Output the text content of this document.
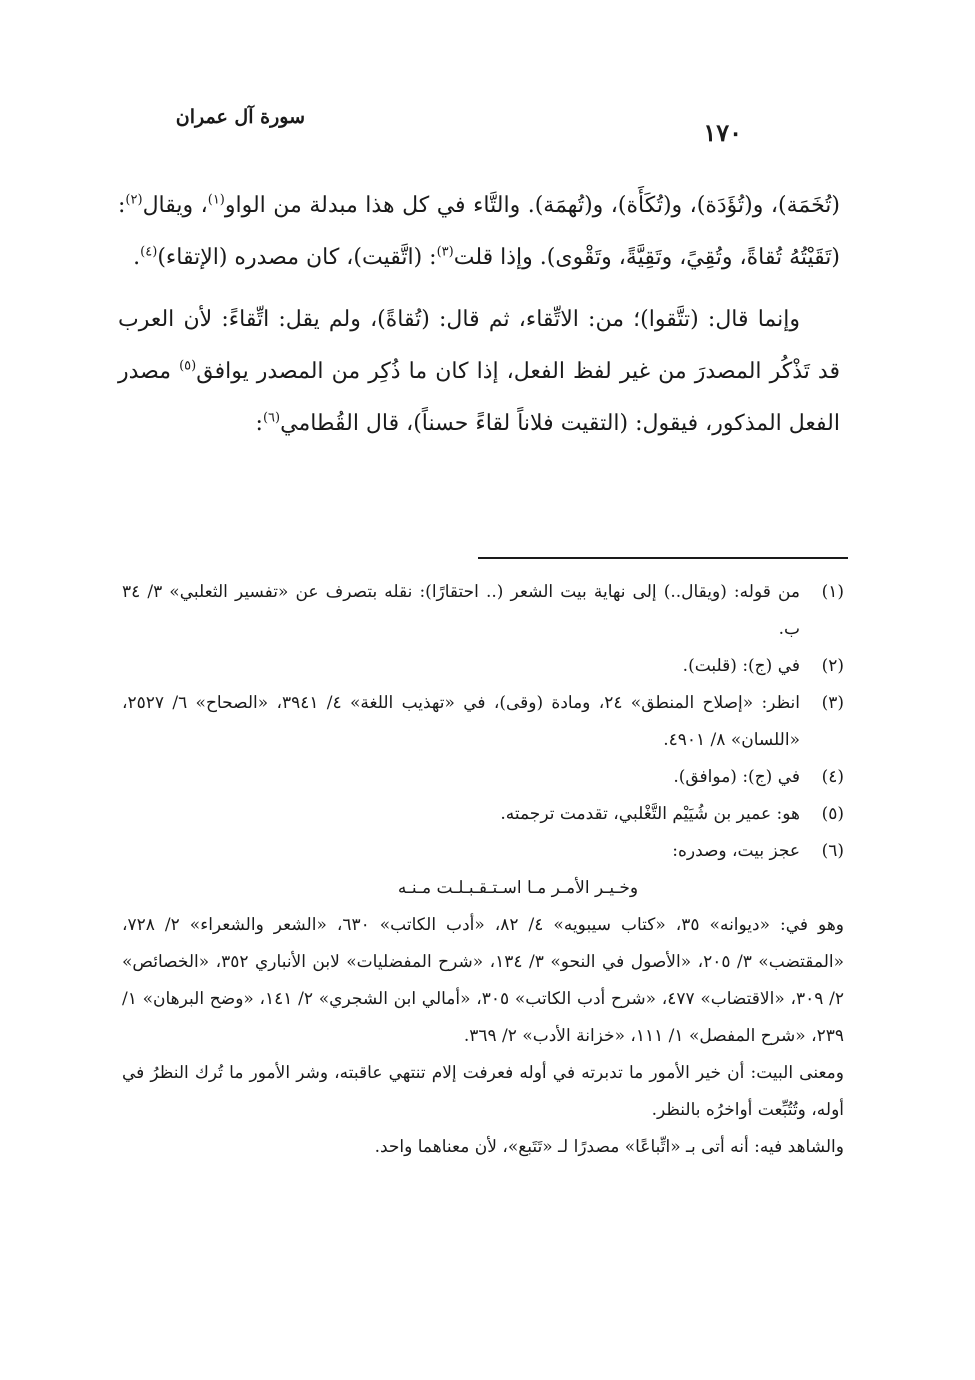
سورة آل عمران
١٧٠

(تُخَمَة)، و(تُؤَدَة)، و(تُكَأَة)، و(تُهمَة). والتَّاء في كل هذا مبدلة من الواو$^{(١)}$، ويقال$^{(٢)}$: (تَقَيْتُهُ تُقاةً، وتُقِيً، وتَقِيَّةً، وتَقْوى). وإذا قلت$^{(٣)}$: (اتَّقيت)، كان مصدره (الإتقاء)$^{(٤)}$.

وإنما قال: (تتَّقوا)؛ من: الاتِّقاء، ثم قال: (تُقاةً)، ولم يقل: اتِّقاءً: لأن العرب قد تَذْكُر المصدرَ من غير لفظ الفعل، إذا كان ما ذُكِر من المصدر يوافق$^{(٥)}$ مصدر الفعل المذكور، فيقول: (التقيت فلاناً لقاءً حسناً)، قال القُطامي$^{(٦)}$:

(١)
من قوله: (ويقال..) إلى نهاية بيت الشعر (.. احتقارًا): نقله بتصرف عن «تفسير الثعلبي» ٣/ ٣٤ ب.
(٢)
في (ج): (قلبت).
(٣)
انظر: «إصلاح المنطق» ٢٤، ومادة (وقى)، في «تهذيب اللغة» ٤/ ٣٩٤١، «الصحاح» ٦/ ٢٥٢٧، «اللسان» ٨/ ٤٩٠١.
(٤)
في (ج): (موافق).
(٥)
هو: عمير بن شُيَيْم التَّغْلبي، تقدمت ترجمته.
(٦)
عجز بيت، وصدره:
وخـيـر الأمـر مـا اسـتـقـبـلـت مـنـه
وهو في: «ديوانه» ٣٥، «كتاب سيبويه» ٤/ ٨٢، «أدب الكاتب» ٦٣٠، «الشعر والشعراء» ٢/ ٧٢٨، «المقتضب» ٣/ ٢٠٥، «الأصول في النحو» ٣/ ١٣٤، «شرح المفضليات» لابن الأنباري ٣٥٢، «الخصائص» ٢/ ٣٠٩، «الاقتضاب» ٤٧٧، «شرح أدب الكاتب» ٣٠٥، «أمالي ابن الشجري» ٢/ ١٤١، «وضح البرهان» ١/ ٢٣٩، «شرح المفصل» ١/ ١١١، «خزانة الأدب» ٢/ ٣٦٩.
ومعنى البيت: أن خير الأمور ما تدبرته في أوله فعرفت إلام تنتهي عاقبته، وشر الأمور ما تُرك النظرُ في أوله، وتُتُبِّعت أواخرُه بالنظر.
والشاهد فيه: أنه أتى بـ «اتِّباعًا» مصدرًا لـ «تَتَبع»، لأن معناهما واحد.
